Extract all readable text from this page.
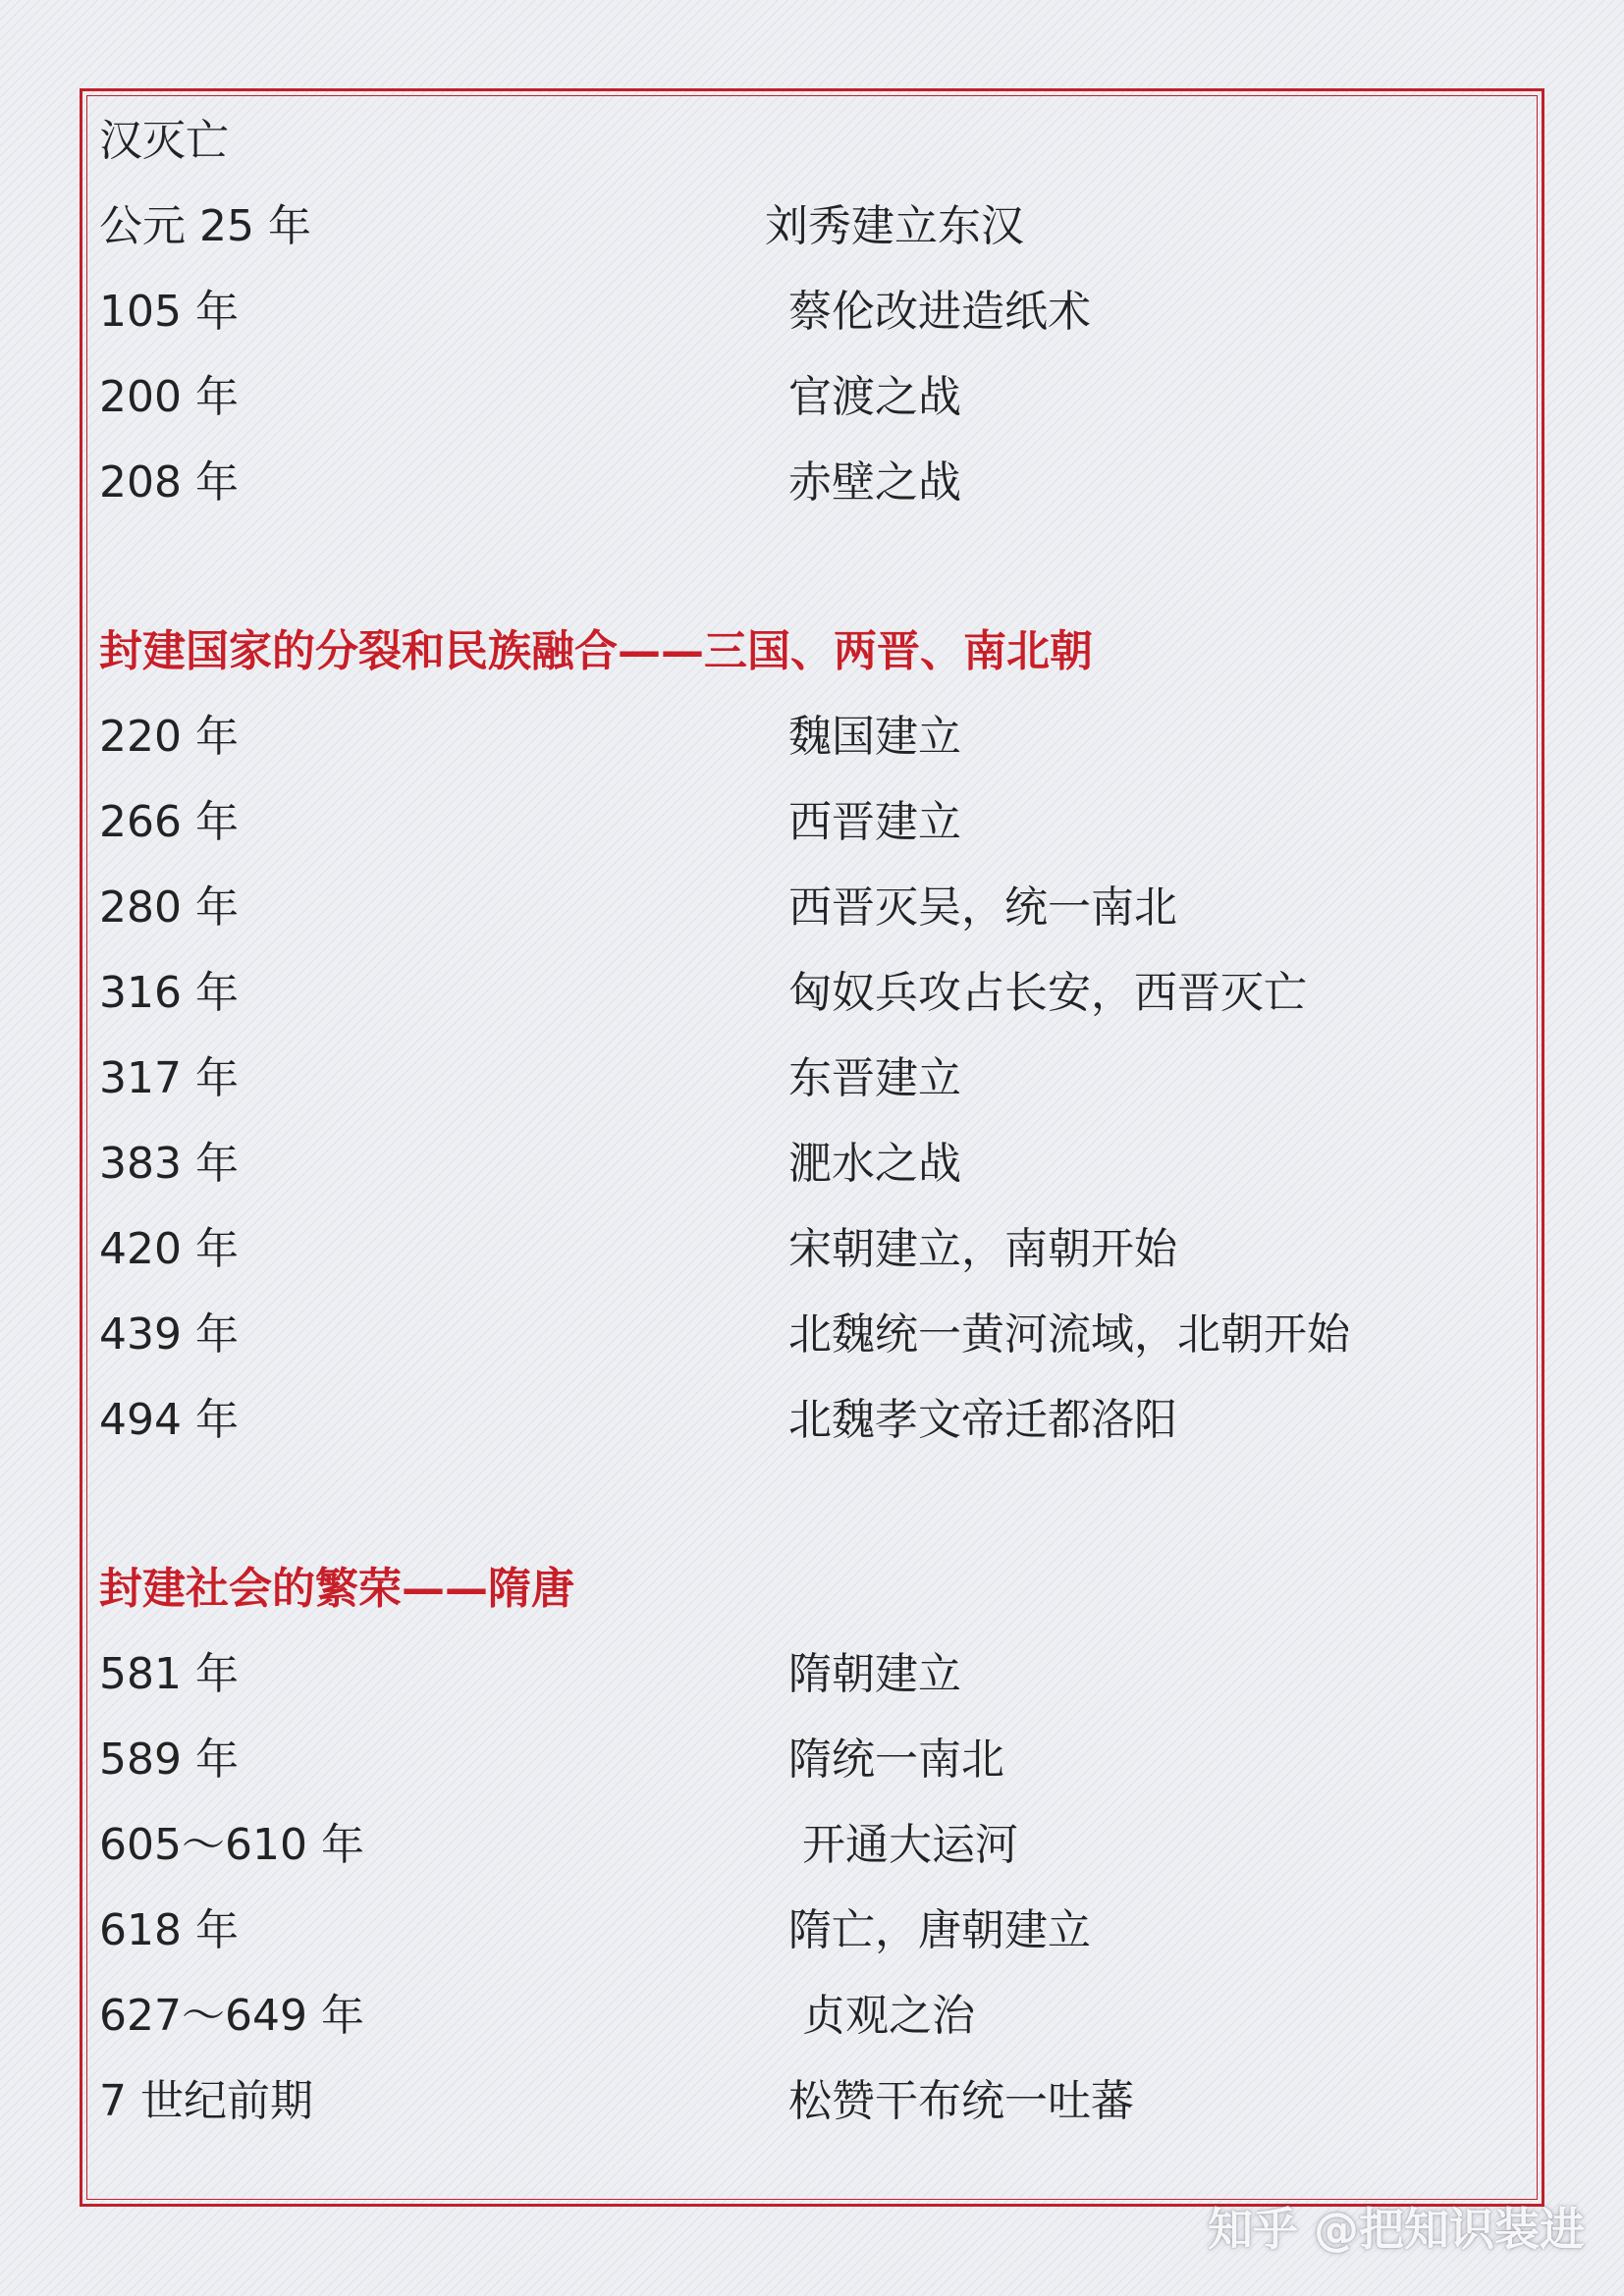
汉灭亡
公元 25 年	刘秀建立东汉
105 年	蔡伦改进造纸术
200 年	官渡之战
208 年	赤壁之战
封建国家的分裂和民族融合——三国、两晋、南北朝
220 年	魏国建立
266 年	西晋建立
280 年	西晋灭吴，统一南北
316 年	匈奴兵攻占长安，西晋灭亡
317 年	东晋建立
383 年	淝水之战
420 年	宋朝建立，南朝开始
439 年	北魏统一黄河流域，北朝开始
494 年	北魏孝文帝迁都洛阳
封建社会的繁荣——隋唐
581 年	隋朝建立
589 年	隋统一南北
605～610 年	开通大运河
618 年	隋亡，唐朝建立
627～649 年	贞观之治
7 世纪前期	松赞干布统一吐蕃
知乎 @把知识装进
